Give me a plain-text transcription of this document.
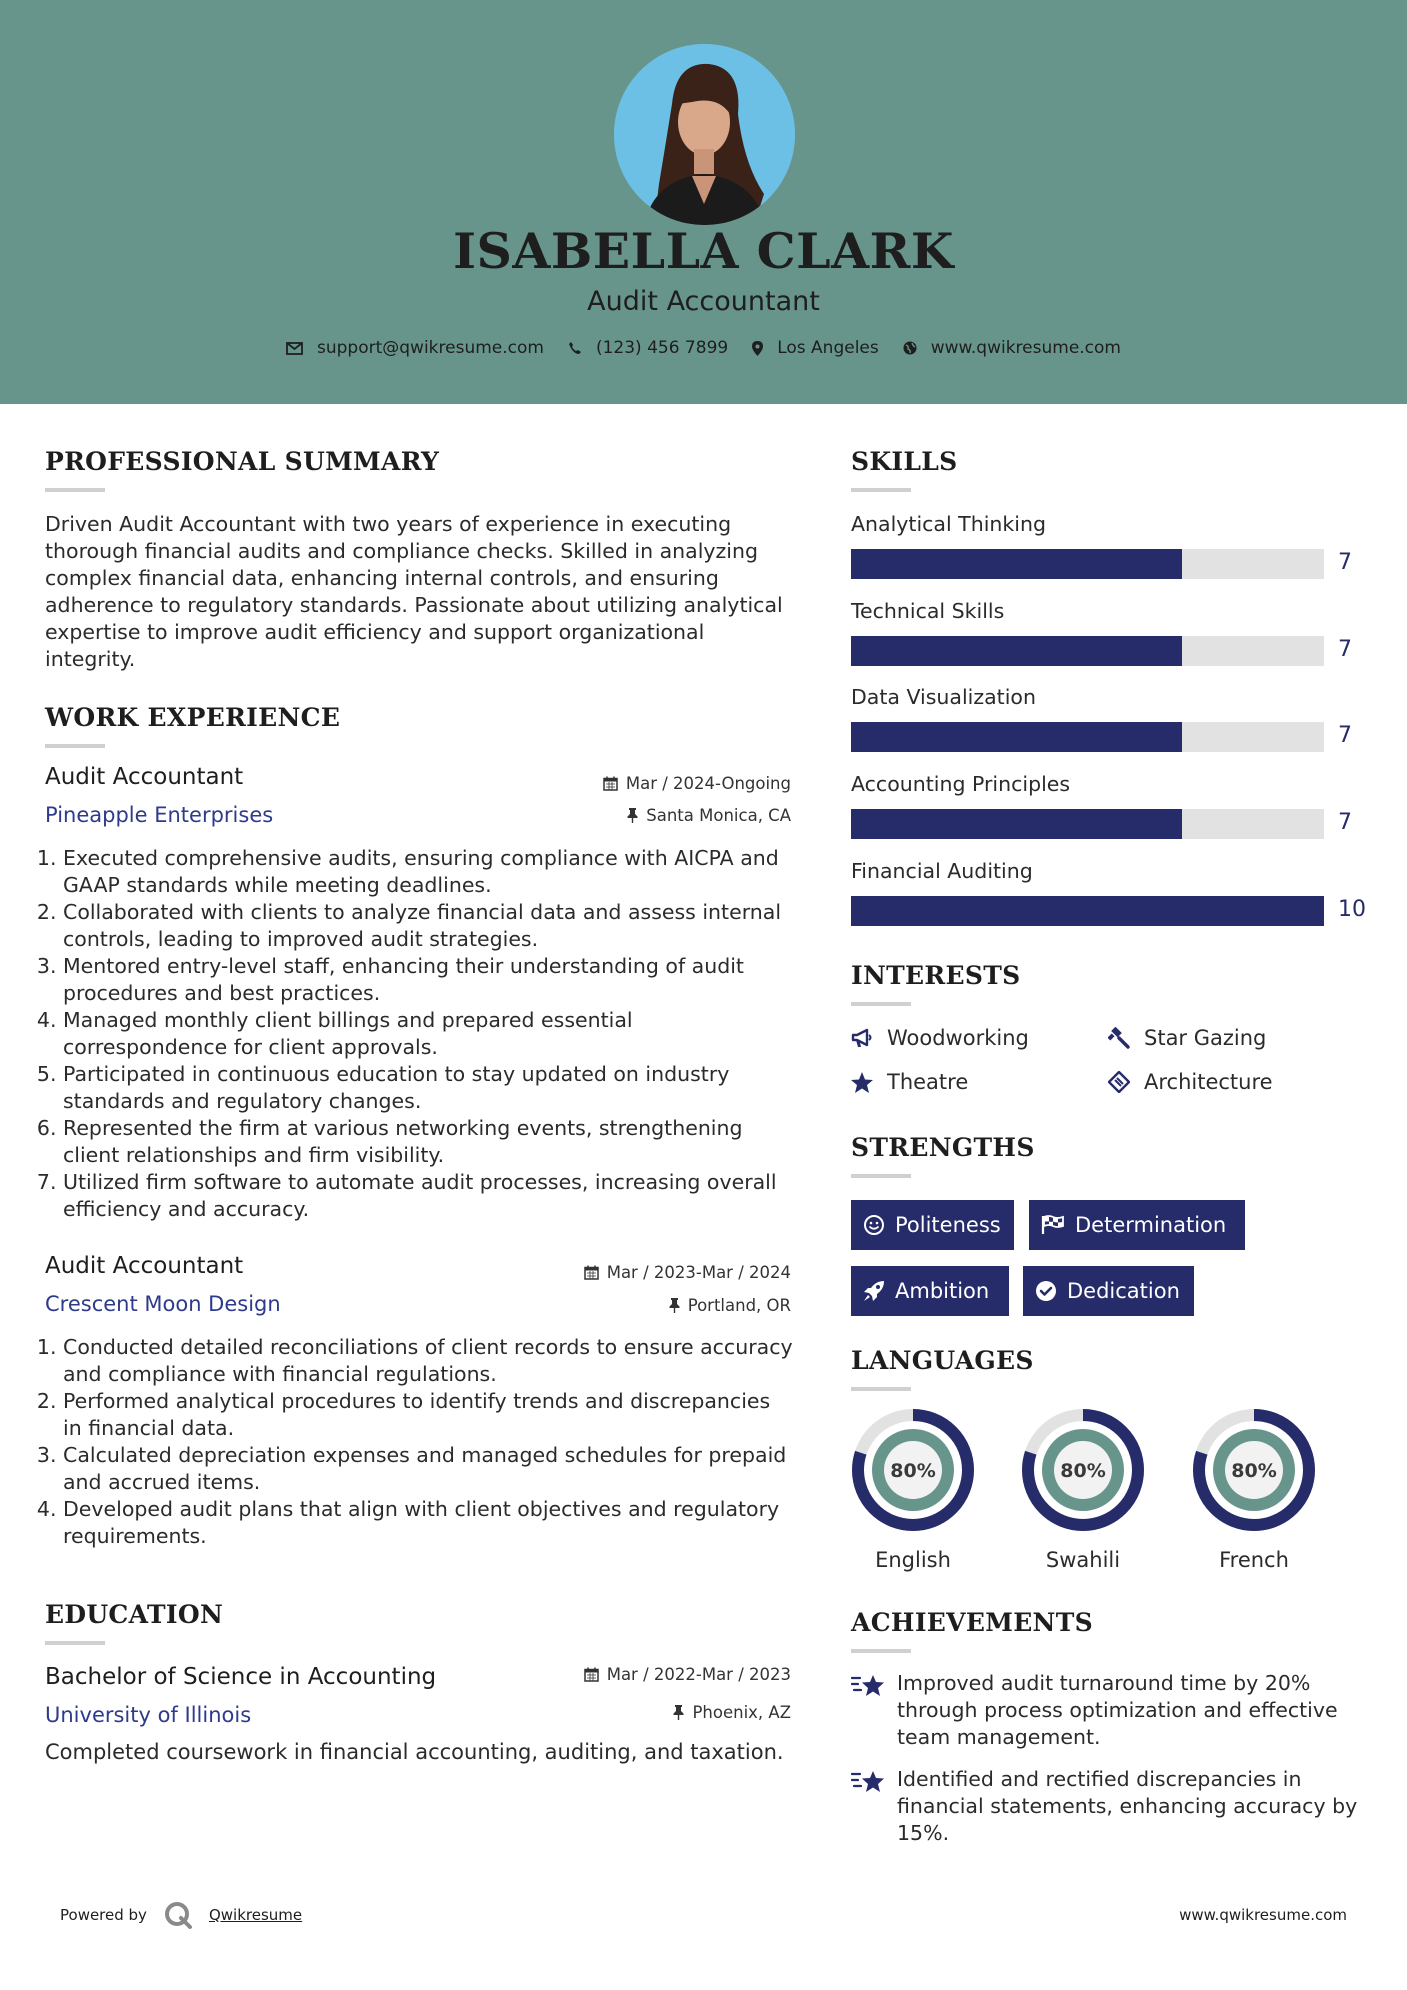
ISABELLA CLARK
Audit Accountant
support@qwikresume.com	(123) 456 7899	Los Angeles	www.qwikresume.com
PROFESSIONAL SUMMARY
Driven Audit Accountant with two years of experience in executing thorough financial audits and compliance checks. Skilled in analyzing complex financial data, enhancing internal controls, and ensuring adherence to regulatory standards. Passionate about utilizing analytical expertise to improve audit efficiency and support organizational integrity.
WORK EXPERIENCE
Audit Accountant	Mar / 2024-Ongoing
Pineapple Enterprises	Santa Monica, CA
1. Executed comprehensive audits, ensuring compliance with AICPA and GAAP standards while meeting deadlines.
2. Collaborated with clients to analyze financial data and assess internal controls, leading to improved audit strategies.
3. Mentored entry-level staff, enhancing their understanding of audit procedures and best practices.
4. Managed monthly client billings and prepared essential correspondence for client approvals.
5. Participated in continuous education to stay updated on industry standards and regulatory changes.
6. Represented the firm at various networking events, strengthening client relationships and firm visibility.
7. Utilized firm software to automate audit processes, increasing overall efficiency and accuracy.
Audit Accountant	Mar / 2023-Mar / 2024
Crescent Moon Design	Portland, OR
1. Conducted detailed reconciliations of client records to ensure accuracy and compliance with financial regulations.
2. Performed analytical procedures to identify trends and discrepancies in financial data.
3. Calculated depreciation expenses and managed schedules for prepaid and accrued items.
4. Developed audit plans that align with client objectives and regulatory requirements.
EDUCATION
Bachelor of Science in Accounting	Mar / 2022-Mar / 2023
University of Illinois	Phoenix, AZ
Completed coursework in financial accounting, auditing, and taxation.
SKILLS
Analytical Thinking
7
Technical Skills
7
Data Visualization
7
Accounting Principles
7
Financial Auditing
10
INTERESTS
Woodworking	Star Gazing
Theatre	Architecture
STRENGTHS
Politeness	Determination
Ambition	Dedication
LANGUAGES
80%
English
80%
Swahili
80%
French
ACHIEVEMENTS
Improved audit turnaround time by 20% through process optimization and effective team management.
Identified and rectified discrepancies in financial statements, enhancing accuracy by 15%.
Powered by	Qwikresume	www.qwikresume.com
